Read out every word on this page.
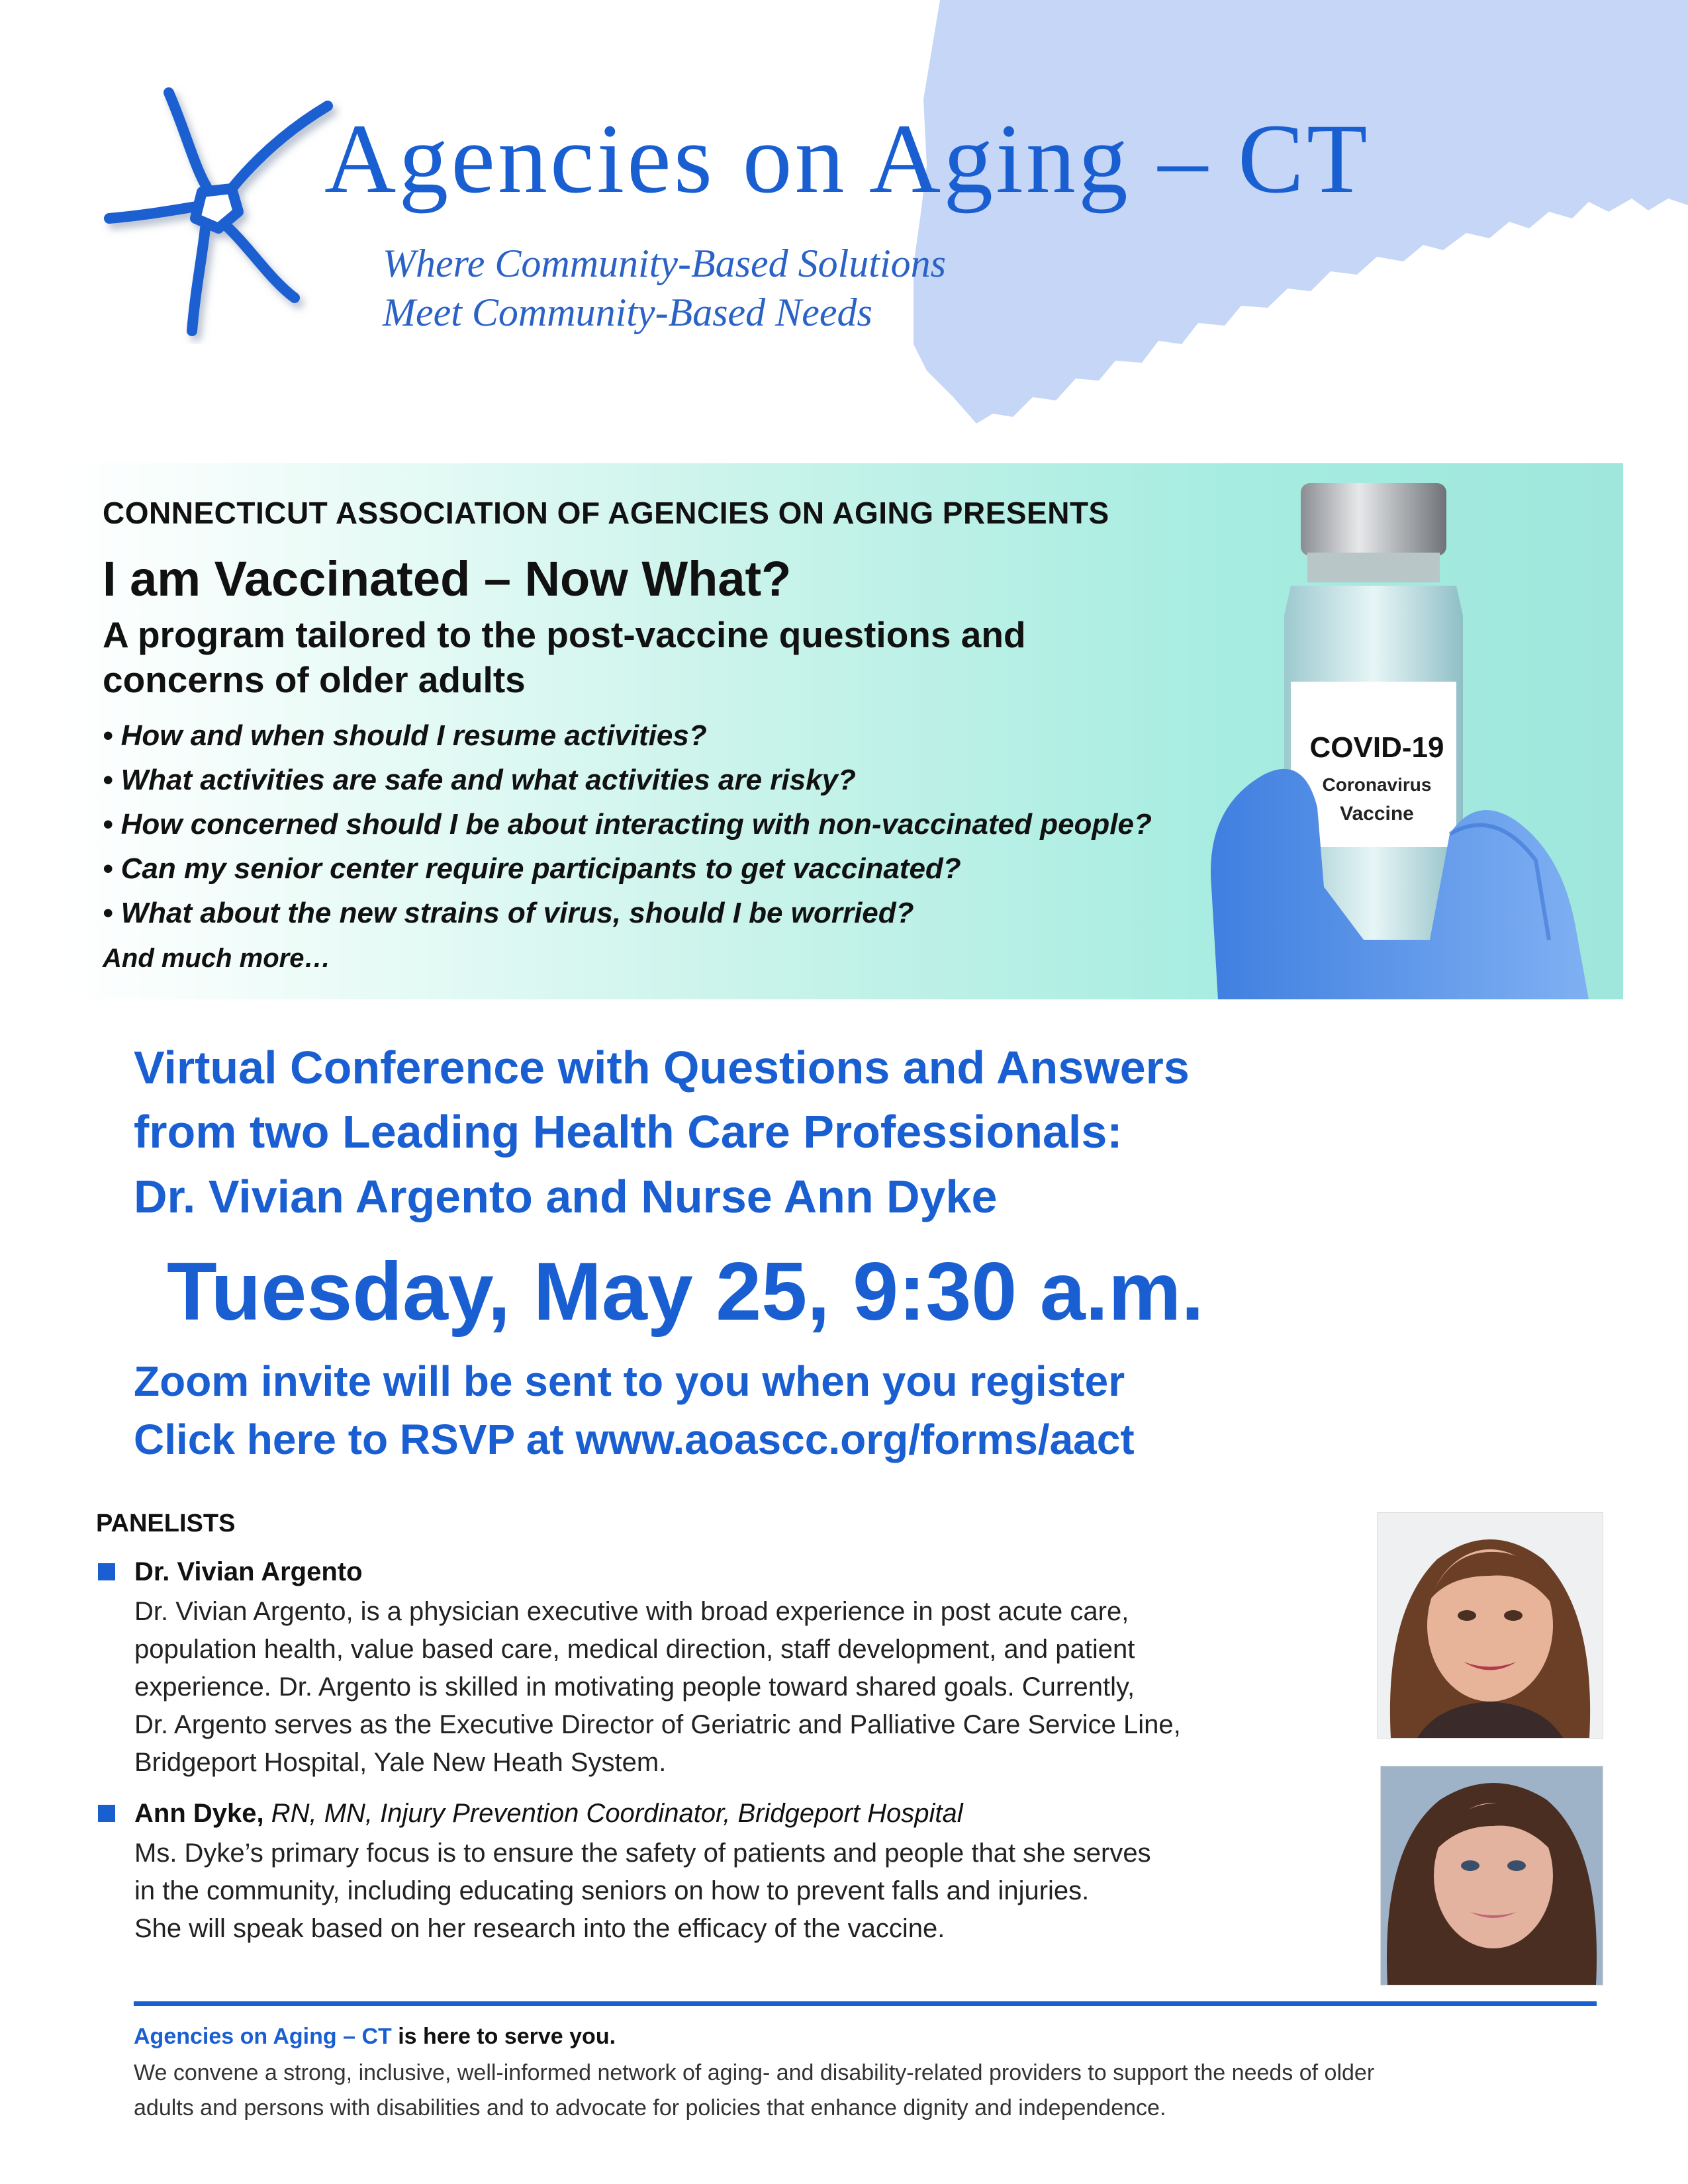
Agencies on Aging – CT
Where Community-Based Solutions
Meet Community-Based Needs
CONNECTICUT ASSOCIATION OF AGENCIES ON AGING PRESENTS
I am Vaccinated – Now What?
A program tailored to the post-vaccine questions and
concerns of older adults
• How and when should I resume activities?
• What activities are safe and what activities are risky?
• How concerned should I be about interacting with non-vaccinated people?
• Can my senior center require participants to get vaccinated?
• What about the new strains of virus, should I be worried?
And much more…
COVID-19
Coronavirus
Vaccine
Virtual Conference with Questions and Answers
from two Leading Health Care Professionals:
Dr. Vivian Argento and Nurse Ann Dyke
Tuesday, May 25, 9:30 a.m.
Zoom invite will be sent to you when you register
Click here to RSVP at www.aoascc.org/forms/aact
PANELISTS
Dr. Vivian Argento
Dr. Vivian Argento, is a physician executive with broad experience in post acute care,
population health, value based care, medical direction, staff development, and patient
experience. Dr. Argento is skilled in motivating people toward shared goals. Currently,
Dr. Argento serves as the Executive Director of Geriatric and Palliative Care Service Line,
Bridgeport Hospital, Yale New Heath System.
Ann Dyke, RN, MN, Injury Prevention Coordinator, Bridgeport Hospital
Ms. Dyke’s primary focus is to ensure the safety of patients and people that she serves
in the community, including educating seniors on how to prevent falls and injuries.
She will speak based on her research into the efficacy of the vaccine.
Agencies on Aging – CT is here to serve you.
We convene a strong, inclusive, well-informed network of aging- and disability-related providers to support the needs of older
adults and persons with disabilities and to advocate for policies that enhance dignity and independence.
